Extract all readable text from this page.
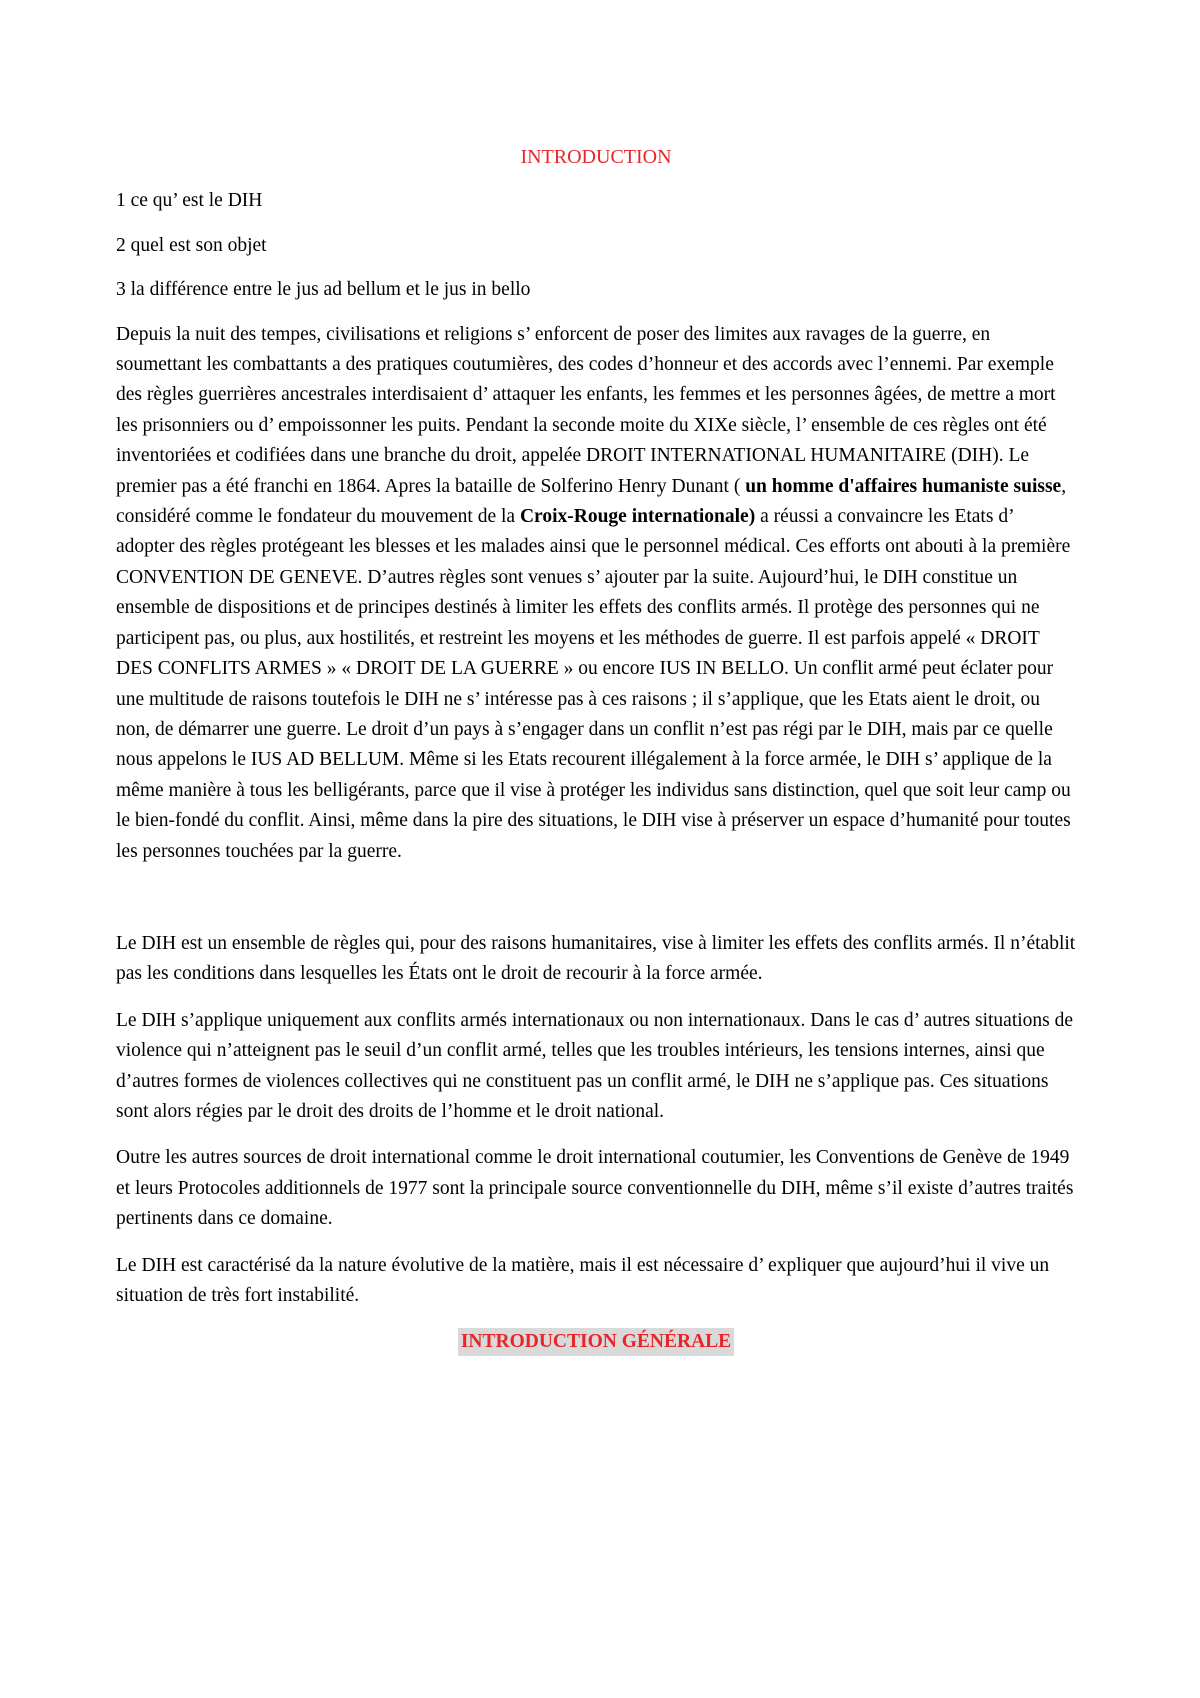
INTRODUCTION
1 ce qu’ est le DIH
2 quel est son objet
3 la différence entre le jus ad bellum et le jus in bello

Depuis la nuit des tempes, civilisations et religions s’ enforcent de poser des limites aux ravages de la guerre, en soumettant les combattants a des pratiques coutumières, des codes d’honneur et des accords avec l’ennemi. Par exemple des règles guerrières ancestrales interdisaient d’ attaquer les enfants, les femmes et les personnes âgées, de mettre a mort les prisonniers ou d’ empoissonner les puits. Pendant la seconde moite du XIXe siècle, l’ ensemble de ces règles ont été inventoriées et codifiées dans une branche du droit, appelée DROIT INTERNATIONAL HUMANITAIRE (DIH). Le premier pas a été franchi en 1864. Apres la bataille de Solferino Henry Dunant ( un homme d'affaires humaniste suisse, considéré comme le fondateur du mouvement de la Croix-Rouge internationale) a réussi a convaincre les Etats d’ adopter des règles protégeant les blesses et les malades ainsi que le personnel médical. Ces efforts ont abouti à la première CONVENTION DE GENEVE. D’autres règles sont venues s’ ajouter par la suite. Aujourd’hui, le DIH constitue un ensemble de dispositions et de principes destinés à limiter les effets des conflits armés. Il protège des personnes qui ne participent pas, ou plus, aux hostilités, et restreint les moyens et les méthodes de guerre. Il est parfois appelé « DROIT DES CONFLITS ARMES » « DROIT DE LA GUERRE » ou encore IUS IN BELLO. Un conflit armé peut éclater pour une multitude de raisons toutefois le DIH ne s’ intéresse pas à ces raisons ; il s’applique, que les Etats aient le droit, ou non, de démarrer une guerre. Le droit d’un pays à s’engager dans un conflit n’est pas régi par le DIH, mais par ce quelle nous appelons le IUS AD BELLUM. Même si les Etats recourent illégalement à la force armée, le DIH s’ applique de la même manière à tous les belligérants, parce que il vise à protéger les individus sans distinction, quel que soit leur camp ou le bien-fondé du conflit. Ainsi, même dans la pire des situations, le DIH vise à préserver un espace d’humanité pour toutes les personnes touchées par la guerre.

Le DIH est un ensemble de règles qui, pour des raisons humanitaires, vise à limiter les effets des conflits armés. Il n’établit pas les conditions dans lesquelles les États ont le droit de recourir à la force armée.

Le DIH s’applique uniquement aux conflits armés internationaux ou non internationaux. Dans le cas d’ autres situations de violence qui n’atteignent pas le seuil d’un conflit armé, telles que les troubles intérieurs, les tensions internes, ainsi que d’autres formes de violences collectives qui ne constituent pas un conflit armé, le DIH ne s’applique pas. Ces situations sont alors régies par le droit des droits de l’homme et le droit national.

Outre les autres sources de droit international comme le droit international coutumier, les Conventions de Genève de 1949 et leurs Protocoles additionnels de 1977 sont la principale source conventionnelle du DIH, même s’il existe d’autres traités pertinents dans ce domaine.

Le DIH est caractérisé da la nature évolutive de la matière, mais il est nécessaire d’ expliquer que aujourd’hui il vive un situation de très fort instabilité.

INTRODUCTION GÉNÉRALE
